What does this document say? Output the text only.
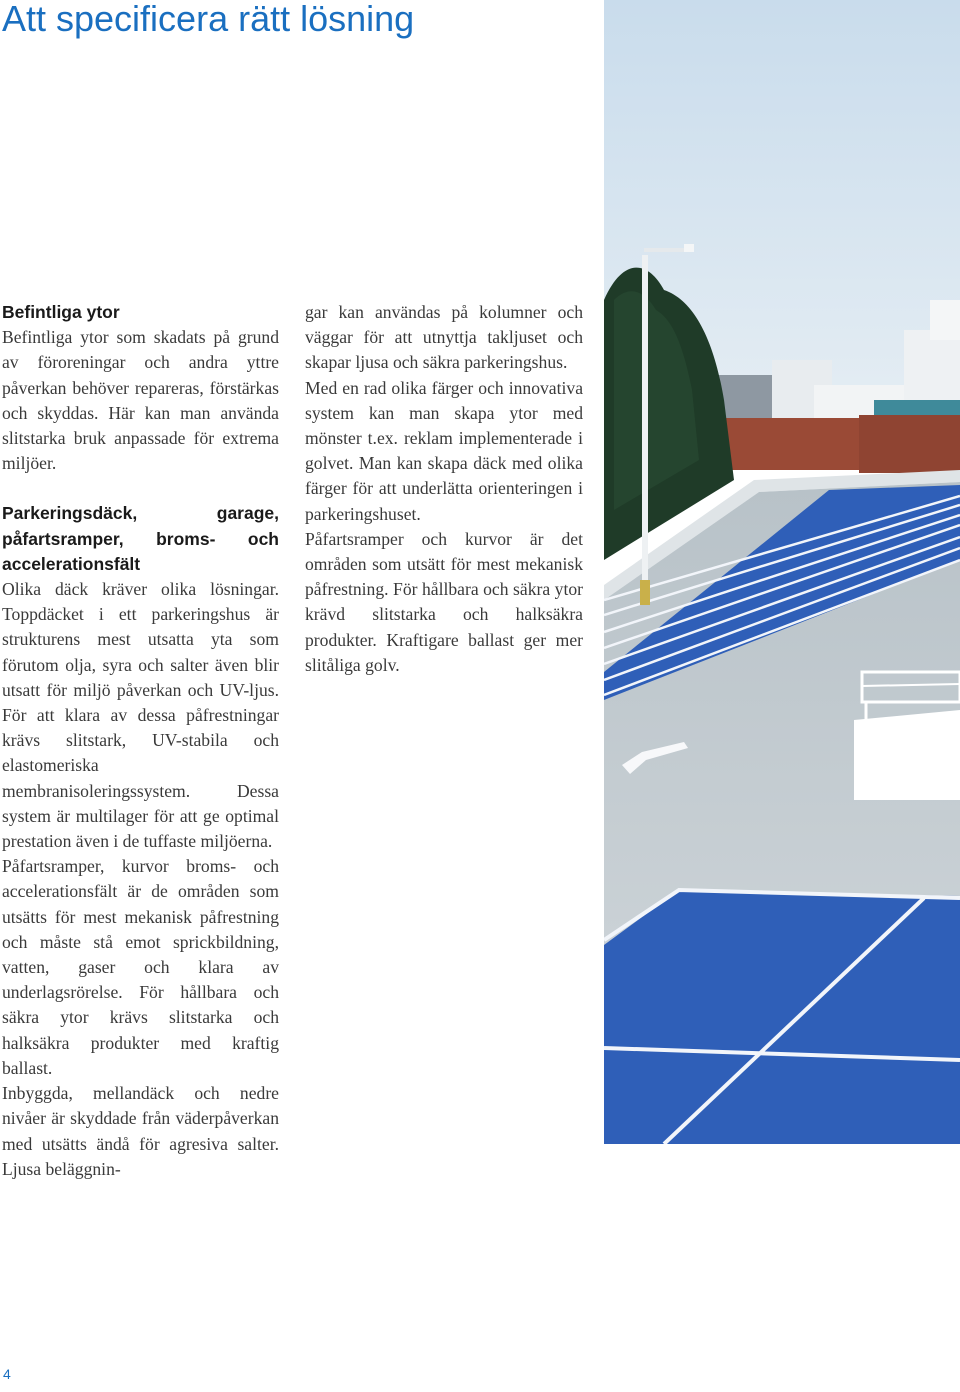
Att specificera rätt lösning
Befintliga ytor

Befintliga ytor som skadats på grund av föroreningar och andra yttre påverkan behöver repareras, förstärkas och skyddas. Här kan man använda slitstarka bruk anpassade för extrema miljöer.

Parkeringsdäck, garage, påfartsramper, broms- och accelerationsfält

Olika däck kräver olika lösningar. Toppdäcket i ett parkeringshus är strukturens mest utsatta yta som förutom olja, syra och salter även blir utsatt för miljö påverkan och UV-ljus. För att klara av dessa påfrestningar krävs slitstark, UV-stabila och elastomeriska membranisoleringssystem. Dessa system är multilager för att ge optimal prestation även i de tuffaste miljöerna.

Påfartsramper, kurvor broms- och accelerationsfält är de områden som utsätts för mest mekanisk påfrestning och måste stå emot sprickbildning, vatten, gaser och klara av underlagsrörelse. För hållbara och säkra ytor krävs slitstarka och halksäkra produkter med kraftig ballast.

Inbyggda, mellandäck och nedre nivåer är skyddade från väderpåverkan med utsätts ändå för agresiva salter. Ljusa beläggnin-

gar kan användas på kolumner och väggar för att utnyttja takljuset och skapar ljusa och säkra parkeringshus.

Med en rad olika färger och innovativa system kan man skapa ytor med mönster t.ex. reklam implementerade i golvet. Man kan skapa däck med olika färger för att underlätta orienteringen i parkeringshuset.

Påfartsramper och kurvor är det områden som utsätt för mest mekanisk påfrestning. För hållbara och säkra ytor krävd slitstarka och halksäkra produkter. Kraftigare ballast ger mer slitåliga golv.

4
